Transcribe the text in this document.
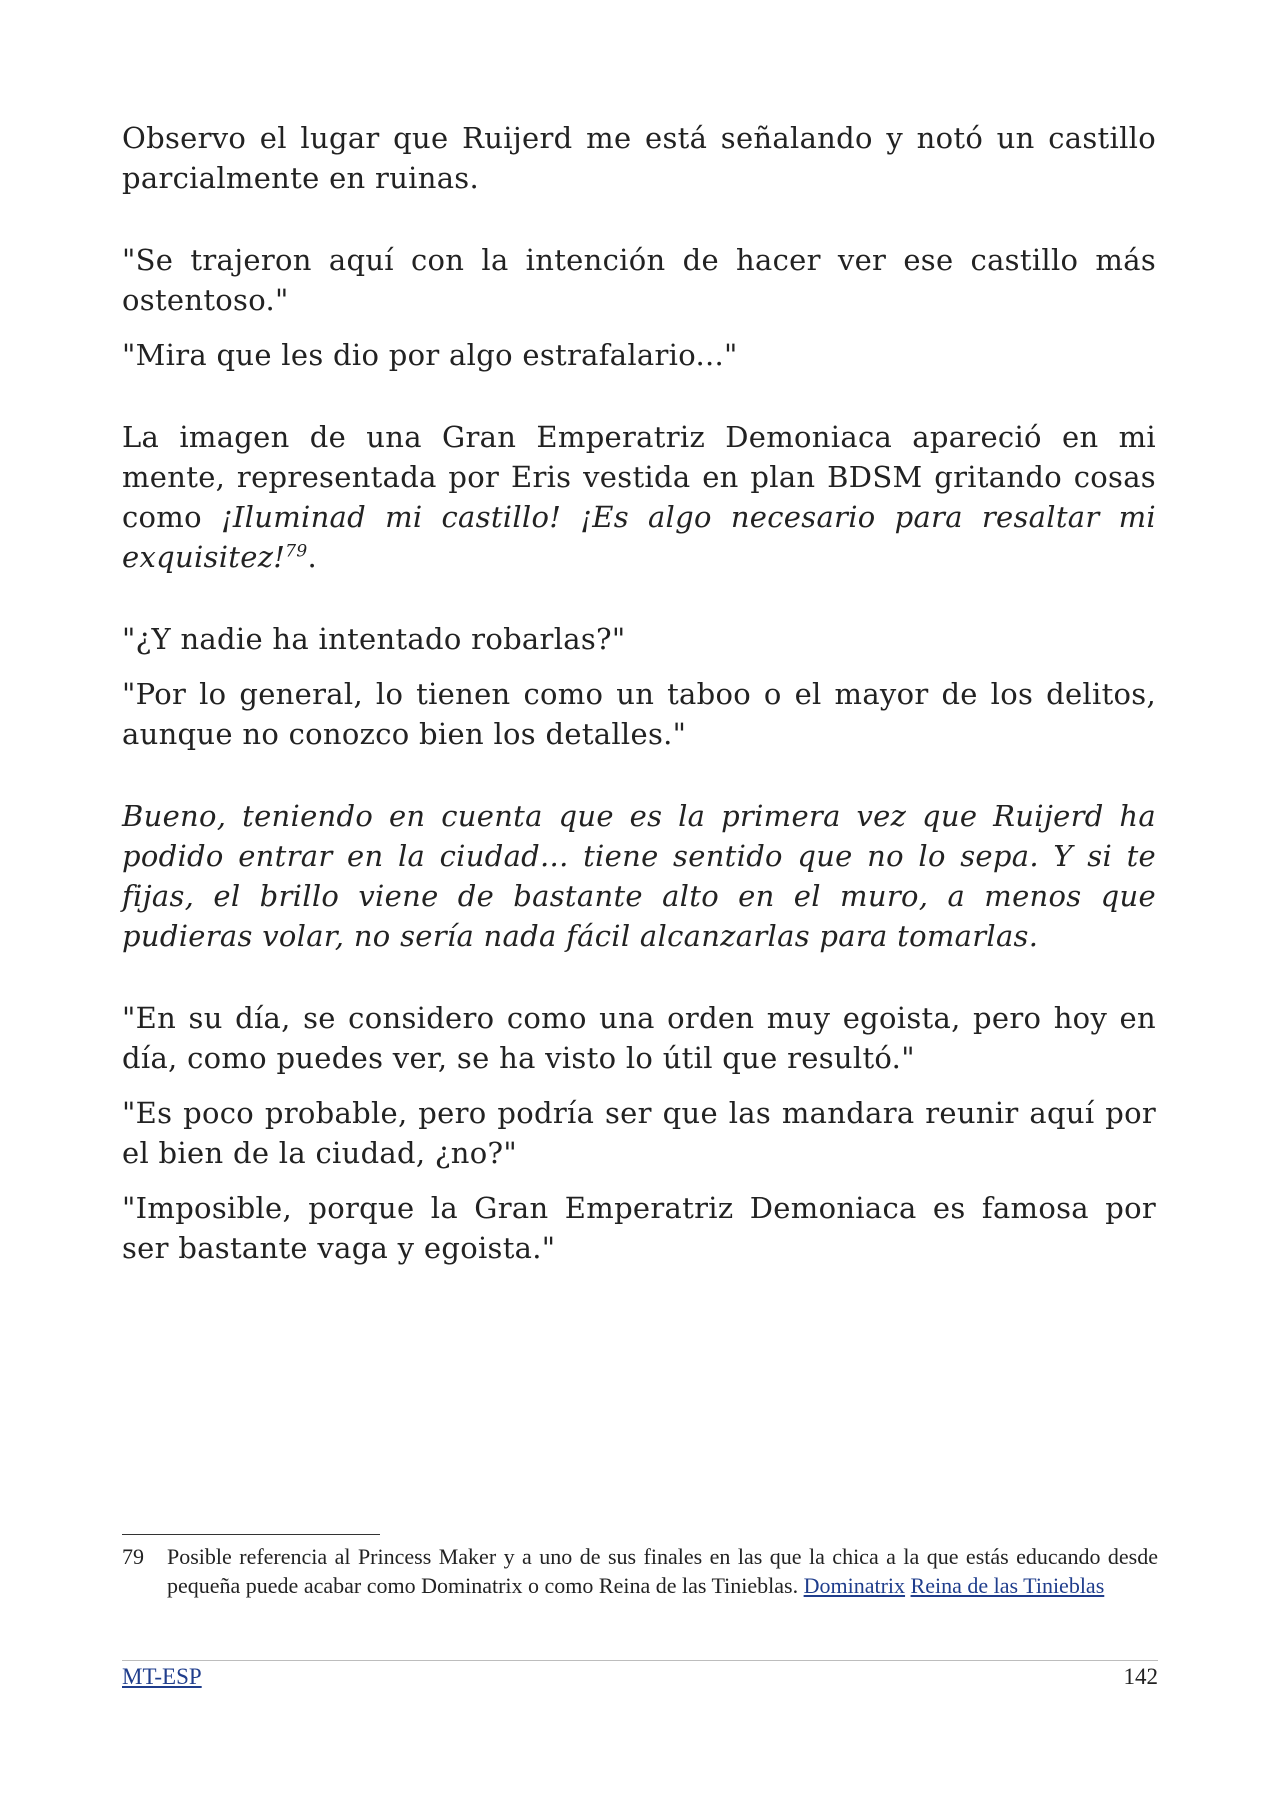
Observo el lugar que Ruijerd me está señalando y notó un castillo parcialmente en ruinas.

"Se trajeron aquí con la intención de hacer ver ese castillo más ostentoso."

"Mira que les dio por algo estrafalario..."

La imagen de una Gran Emperatriz Demoniaca apareció en mi mente, representada por Eris vestida en plan BDSM gritando cosas como ¡Iluminad mi castillo! ¡Es algo necesario para resaltar mi exquisitez!$^{79}$.

"¿Y nadie ha intentado robarlas?"

"Por lo general, lo tienen como un taboo o el mayor de los delitos, aunque no conozco bien los detalles."

Bueno, teniendo en cuenta que es la primera vez que Ruijerd ha podido entrar en la ciudad... tiene sentido que no lo sepa. Y si te fijas, el brillo viene de bastante alto en el muro, a menos que pudieras volar, no sería nada fácil alcanzarlas para tomarlas.

"En su día, se considero como una orden muy egoista, pero hoy en día, como puedes ver, se ha visto lo útil que resultó."

"Es poco probable, pero podría ser que las mandara reunir aquí por el bien de la ciudad, ¿no?"

"Imposible, porque la Gran Emperatriz Demoniaca es famosa por ser bastante vaga y egoista."

79 Posible referencia al Princess Maker y a uno de sus finales en las que la chica a la que estás educando desde pequeña puede acabar como Dominatrix o como Reina de las Tinieblas. Dominatrix Reina de las Tinieblas
MT-ESP	142
